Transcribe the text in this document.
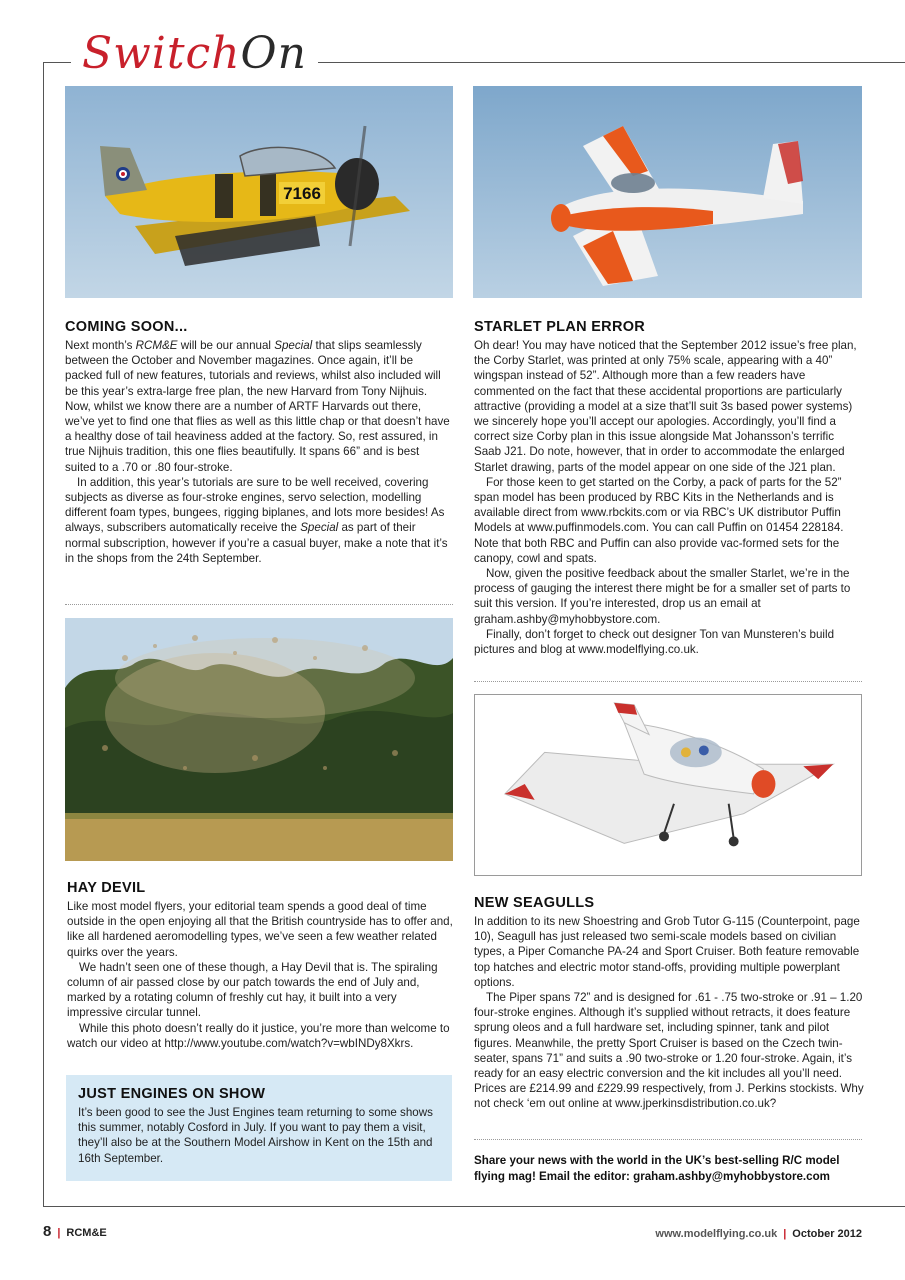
SwitchOn
7166
COMING SOON...

Next month’s RCM&E will be our annual Special that slips seamlessly between the October and November magazines. Once again, it’ll be packed full of new features, tutorials and reviews, whilst also included will be this year’s extra-large free plan, the new Harvard from Tony Nijhuis. Now, whilst we know there are a number of ARTF Harvards out there, we’ve yet to find one that flies as well as this little chap or that doesn’t have a healthy dose of tail heaviness added at the factory. So, rest assured, in true Nijhuis tradition, this one flies beautifully. It spans 66” and is best suited to a .70 or .80 four-stroke.

In addition, this year’s tutorials are sure to be well received, covering subjects as diverse as four-stroke engines, servo selection, modelling different foam types, bungees, rigging biplanes, and lots more besides! As always, subscribers automatically receive the Special as part of their normal subscription, however if you’re a casual buyer, make a note that it’s in the shops from the 24th September.

HAY DEVIL

Like most model flyers, your editorial team spends a good deal of time outside in the open enjoying all that the British countryside has to offer and, like all hardened aeromodelling types, we’ve seen a few weather related quirks over the years.

We hadn’t seen one of these though, a Hay Devil that is. The spiraling column of air passed close by our patch towards the end of July and, marked by a rotating column of freshly cut hay, it built into a very impressive circular tunnel.

While this photo doesn’t really do it justice, you’re more than welcome to watch our video at http://www.youtube.com/watch?v=wbINDy8Xkrs.

JUST ENGINES ON SHOW

It’s been good to see the Just Engines team returning to some shows this summer, notably Cosford in July. If you want to pay them a visit, they’ll also be at the Southern Model Airshow in Kent on the 15th and 16th September.

STARLET PLAN ERROR

Oh dear! You may have noticed that the September 2012 issue’s free plan, the Corby Starlet, was printed at only 75% scale, appearing with a 40” wingspan instead of 52”. Although more than a few readers have commented on the fact that these accidental proportions are particularly attractive (providing a model at a size that’ll suit 3s based power systems) we sincerely hope you’ll accept our apologies. Accordingly, you’ll find a correct size Corby plan in this issue alongside Mat Johansson’s terrific Saab J21. Do note, however, that in order to accommodate the enlarged Starlet drawing, parts of the model appear on one side of the J21 plan.

For those keen to get started on the Corby, a pack of parts for the 52” span model has been produced by RBC Kits in the Netherlands and is available direct from www.rbckits.com or via RBC’s UK distributor Puffin Models at www.puffinmodels.com. You can call Puffin on 01454 228184. Note that both RBC and Puffin can also provide vac-formed sets for the canopy, cowl and spats.

Now, given the positive feedback about the smaller Starlet, we’re in the process of gauging the interest there might be for a smaller set of parts to suit this version. If you’re interested, drop us an email at graham.ashby@myhobbystore.com.

Finally, don’t forget to check out designer Ton van Munsteren’s build pictures and blog at www.modelflying.co.uk.

NEW SEAGULLS

In addition to its new Shoestring and Grob Tutor G-115 (Counterpoint, page 10), Seagull has just released two semi-scale models based on civilian types, a Piper Comanche PA-24 and Sport Cruiser. Both feature removable top hatches and electric motor stand-offs, providing multiple powerplant options.

The Piper spans 72” and is designed for .61 - .75 two-stroke or .91 – 1.20 four-stroke engines. Although it’s supplied without retracts, it does feature sprung oleos and a full hardware set, including spinner, tank and pilot figures. Meanwhile, the pretty Sport Cruiser is based on the Czech twin-seater, spans 71” and suits a .90 two-stroke or 1.20 four-stroke. Again, it’s ready for an easy electric conversion and the kit includes all you’ll need. Prices are £214.99 and £229.99 respectively, from J. Perkins stockists. Why not check ‘em out online at www.jperkinsdistribution.co.uk?

Share your news with the world in the UK’s best-selling R/C model flying mag! Email the editor: graham.ashby@myhobbystore.com
8 | RCM&E	www.modelflying.co.uk | October 2012
